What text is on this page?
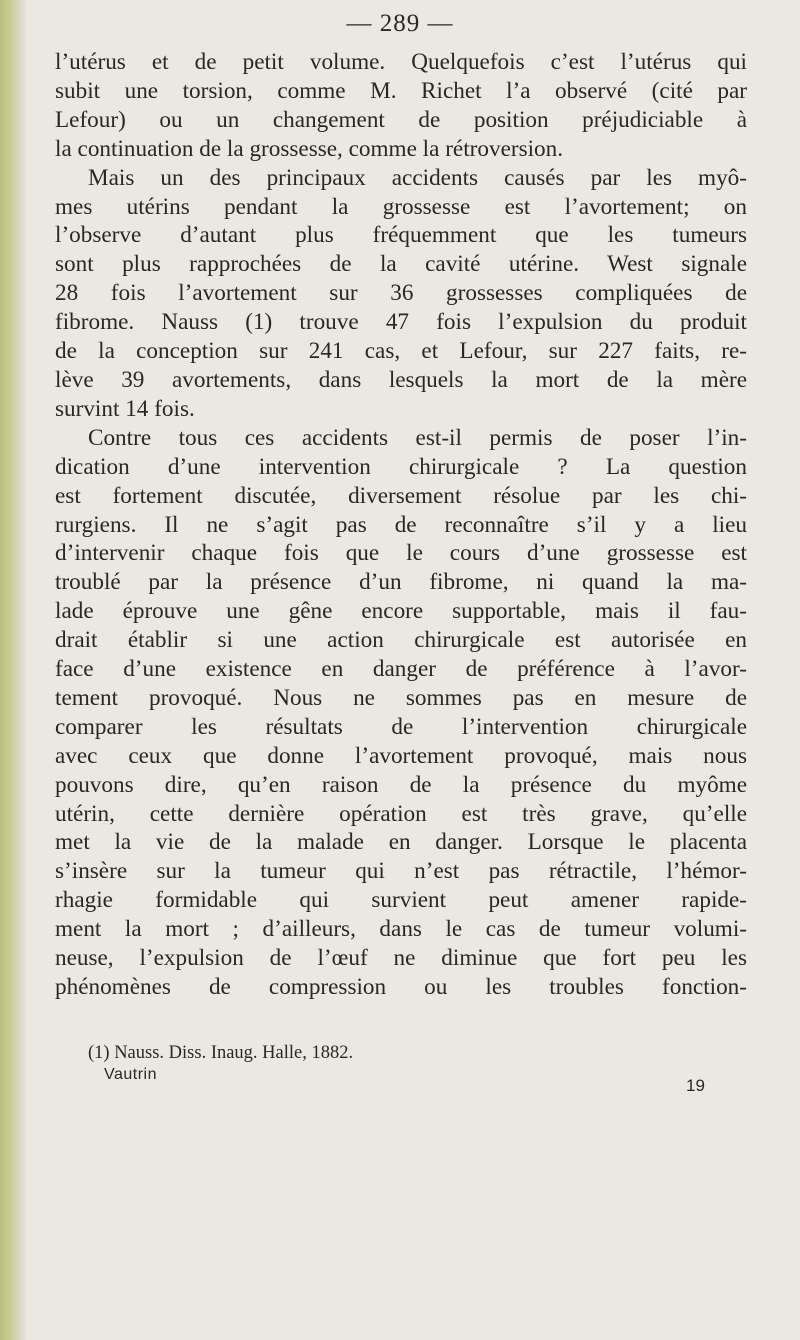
— 289 —
l’utérus et de petit volume. Quelquefois c’est l’utérus qui
subit une torsion, comme M. Richet l’a observé (cité par
Lefour) ou un changement de position préjudiciable à
la continuation de la grossesse, comme la rétroversion.
Mais un des principaux accidents causés par les myô-
mes utérins pendant la grossesse est l’avortement; on
l’observe d’autant plus fréquemment que les tumeurs
sont plus rapprochées de la cavité utérine. West signale
28 fois l’avortement sur 36 grossesses compliquées de
fibrome. Nauss (1) trouve 47 fois l’expulsion du produit
de la conception sur 241 cas, et Lefour, sur 227 faits, re-
lève 39 avortements, dans lesquels la mort de la mère
survint 14 fois.
Contre tous ces accidents est-il permis de poser l’in-
dication d’une intervention chirurgicale ? La question
est fortement discutée, diversement résolue par les chi-
rurgiens. Il ne s’agit pas de reconnaître s’il y a lieu
d’intervenir chaque fois que le cours d’une grossesse est
troublé par la présence d’un fibrome, ni quand la ma-
lade éprouve une gêne encore supportable, mais il fau-
drait établir si une action chirurgicale est autorisée en
face d’une existence en danger de préférence à l’avor-
tement provoqué. Nous ne sommes pas en mesure de
comparer les résultats de l’intervention chirurgicale
avec ceux que donne l’avortement provoqué, mais nous
pouvons dire, qu’en raison de la présence du myôme
utérin, cette dernière opération est très grave, qu’elle
met la vie de la malade en danger. Lorsque le placenta
s’insère sur la tumeur qui n’est pas rétractile, l’hémor-
rhagie formidable qui survient peut amener rapide-
ment la mort ; d’ailleurs, dans le cas de tumeur volumi-
neuse, l’expulsion de l’œuf ne diminue que fort peu les
phénomènes de compression ou les troubles fonction-
(1) Nauss. Diss. Inaug. Halle, 1882.
Vautrin
19
